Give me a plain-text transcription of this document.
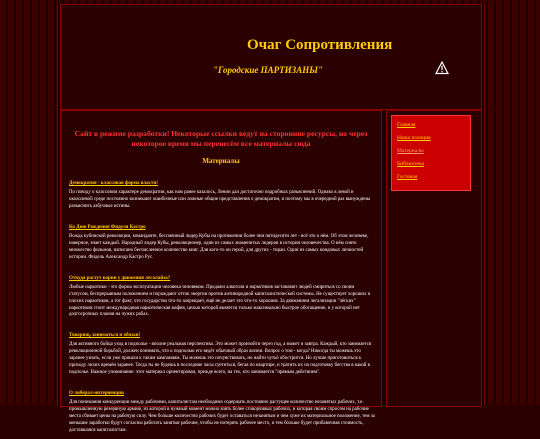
Очаг Сопротивления
"Городские ПАРТИЗАНЫ"
Сайт в режиме разработки! Некоторые ссылки ведут на сторонние ресурсы, но через некоторое время мы перенесём все материалы сюда
Материалы
Демократия - классовая форма власти!
По поводу о классовом характере демократии, как нам ранее казалось, Ленин дал достаточно подробных разъяснений. Однако в левой и окололевой среде постоянно возникают ошибочные или ложные общие представления о демократии, и поэтому мы в очередной раз вынуждены разъяснить азбучные истины.
Ко Дню Рождения Фиделя Кастро
Вождь кубинской революции, команданте, бессменный лидер Кубы на протяжении более чем пятидесяти лет - всё это о нём. Об этом человеке, наверное, знает каждый. Народный лидер Кубы, революционер, один из самых знаменитых лидеров в истории человечества. О нём снято множество фильмов, написано бесчисленное количество книг. Для кого-то он герой, для других - тиран. Один из самых кондовых личностей истории. Фидель Александр Кастро Рус.
Откуда растут корни у движения легалайза?
Любые наркотики - это форма эксплуатации человека человеком. Продажи алкоголя и наркотиков заставляют людей смириться со своим статусом, беспрерывным положением и порождают отток энергии против антинародной капиталистической системы. Не существует хороших и плохих наркотиков, а тот факт, что государство что-то запрещает, ещё не делает это что-то хорошим. За движением легализации "лёгких" наркотиков стоит международная наркотическая мафия, целью которой является только максимально быстрое обогащение, и у которой нет долгосрочных планов на чужих рабах.
Товарищ, заниматься и обязан!
Для активного бойца уход в подполье - вполне реальная перспектива. Это может произойти через год, а может и завтра. Каждый, кто занимается революционной борьбой, должен понимать, что к подполью его ведёт обычный образ жизни. Вопрос о том - когда? Никогда ты можешь это заранее узнать, если уже пришли к таким кампаниям. Ты можешь это почувствовать, но найти чутьё обострится. Но лучше приготовиться к приходу лихих времён заранее. Тогда ты не будешь в последние часы суетиться, бегая по квартире, и тратить их на подготовку бегства в какой в подполье. Важное упоминание: этот материал ориентирован, прежде всего, на тех, кто занимается "прямым действием".
О либерал-интервенции
Для понимания конкуренции между рабочими, капиталистам необходимо содержать постоянно растущее количество незанятых рабочих, т.е. промышленную резервную армию, из которой в нужный момент можно взять более сговорчивых рабочих, и которая своим спросом на рабочие места сбивает цены на рабочую силу. Чем больше количество рабочих будет оставаться незанятым и чем хуже их материальное положение, тем за меньшие заработки будут согласны работать занятые рабочие, чтобы не потерять рабочее место, и тем больше будет прибавочная стоимость, доставшаяся капиталистам.
Главная
Наша позиция
Материалы
Библиотека
Гостевая
